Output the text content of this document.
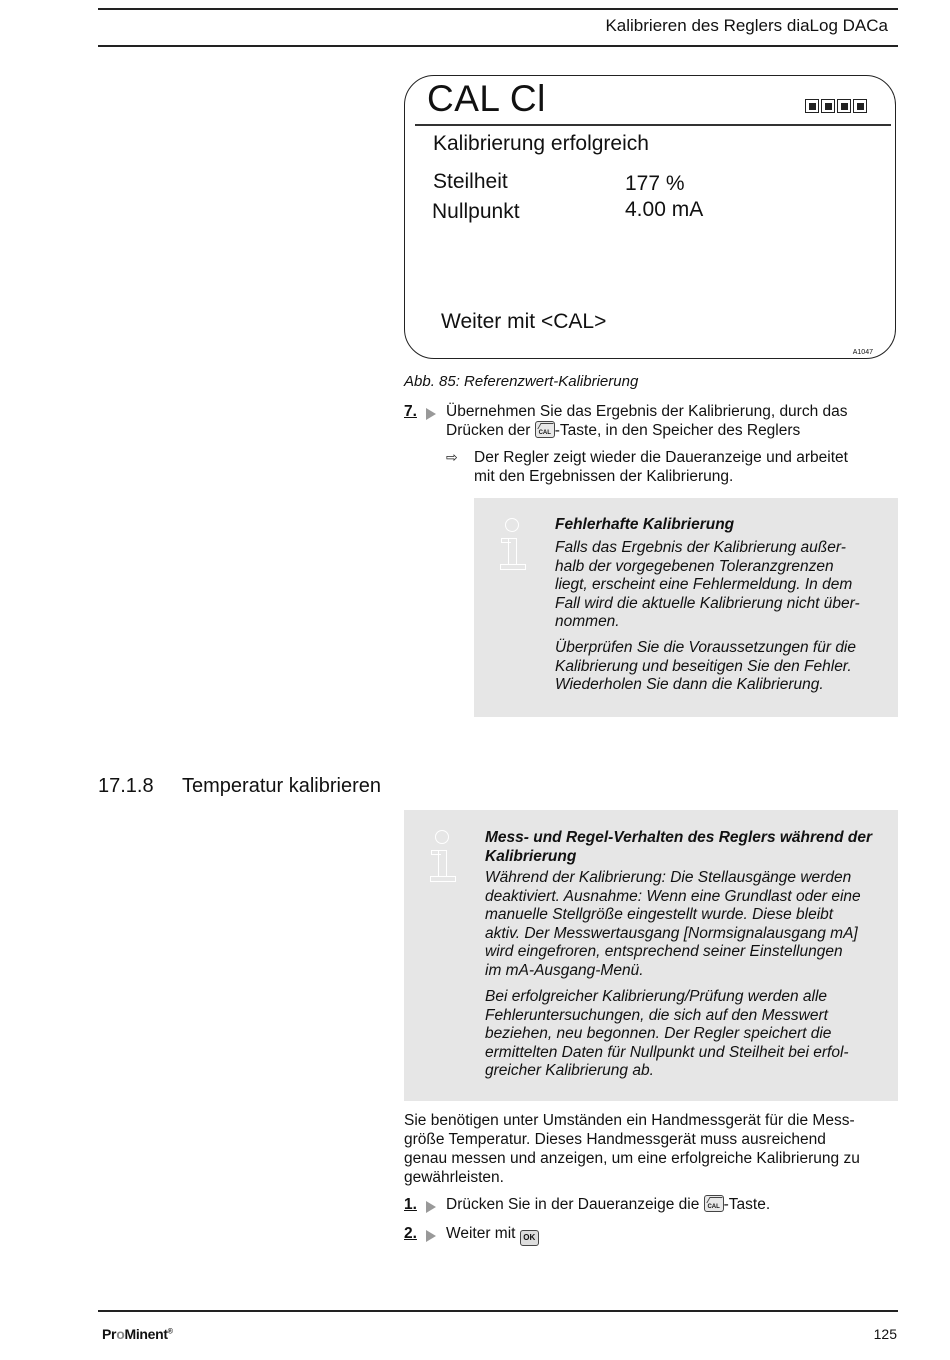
Kalibrieren des Reglers diaLog DACa
CAL Cl
Kalibrierung erfolgreich
Steilheit	177 %
Nullpunkt	4.00 mA
Weiter mit <CAL>
A1047
Abb. 85: Referenzwert-Kalibrierung
7. Übernehmen Sie das Ergebnis der Kalibrierung, durch das
Drücken der CAL -Taste, in den Speicher des Reglers
⇨ Der Regler zeigt wieder die Daueranzeige und arbeitet
mit den Ergebnissen der Kalibrierung.
Fehlerhafte Kalibrierung
Falls das Ergebnis der Kalibrierung außer-
halb der vorgegebenen Toleranzgrenzen
liegt, erscheint eine Fehlermeldung. In dem
Fall wird die aktuelle Kalibrierung nicht über-
nommen.
Überprüfen Sie die Voraussetzungen für die
Kalibrierung und beseitigen Sie den Fehler.
Wiederholen Sie dann die Kalibrierung.
17.1.8 Temperatur kalibrieren
Mess- und Regel-Verhalten des Reglers während der
Kalibrierung
Während der Kalibrierung: Die Stellausgänge werden
deaktiviert. Ausnahme: Wenn eine Grundlast oder eine
manuelle Stellgröße eingestellt wurde. Diese bleibt
aktiv. Der Messwertausgang [Normsignalausgang mA]
wird eingefroren, entsprechend seiner Einstellungen
im mA-Ausgang-Menü.
Bei erfolgreicher Kalibrierung/Prüfung werden alle
Fehleruntersuchungen, die sich auf den Messwert
beziehen, neu begonnen. Der Regler speichert die
ermittelten Daten für Nullpunkt und Steilheit bei erfol-
greicher Kalibrierung ab.
Sie benötigen unter Umständen ein Handmessgerät für die Mess-
größe Temperatur. Dieses Handmessgerät muss ausreichend
genau messen und anzeigen, um eine erfolgreiche Kalibrierung zu
gewährleisten.
1. Drücken Sie in der Daueranzeige die CAL -Taste.
2. Weiter mit OK
ProMinent®	125
